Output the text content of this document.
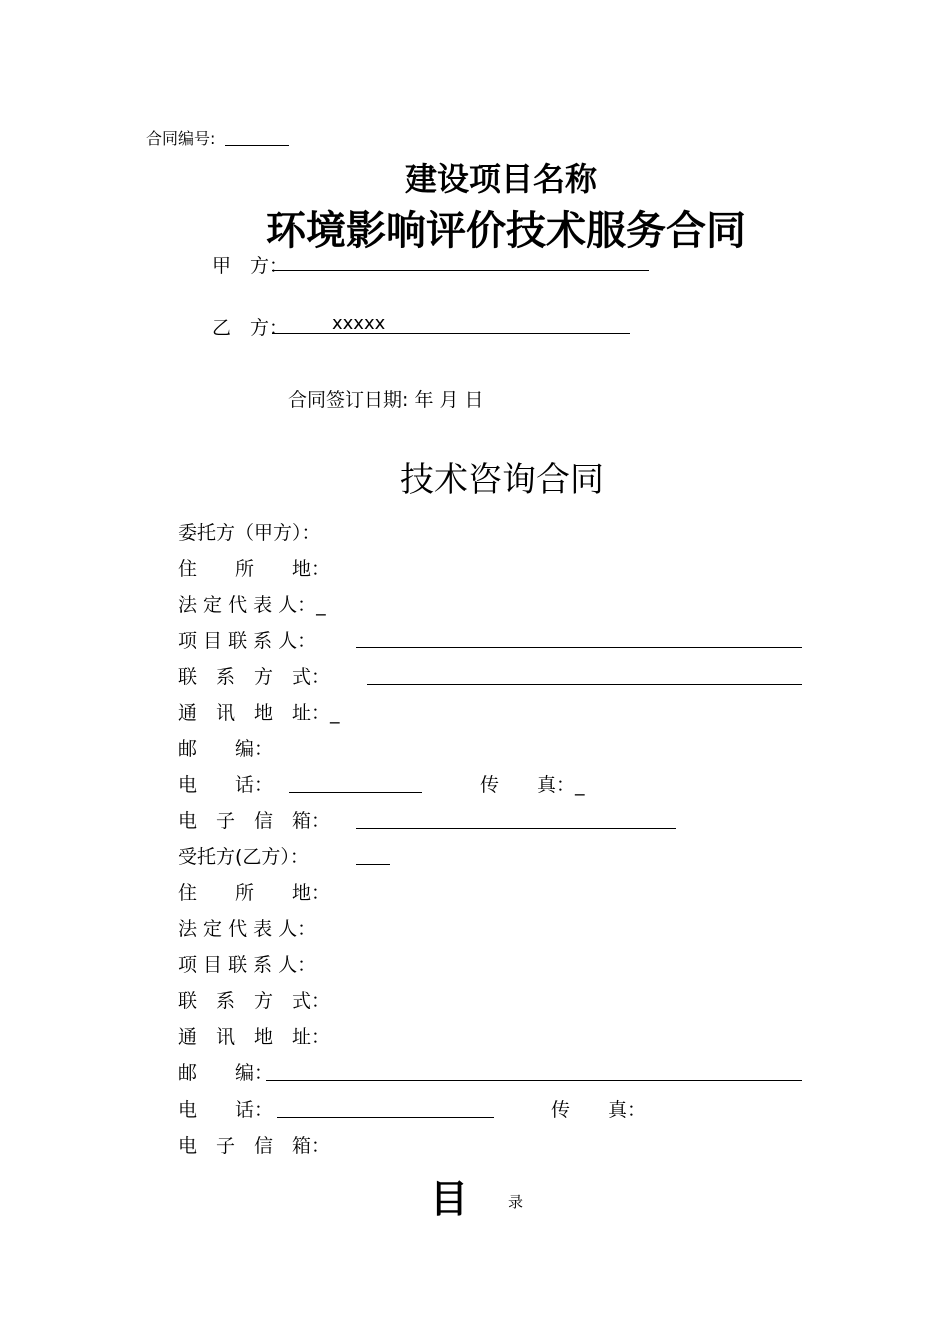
合同编号:
建设项目名称
环境影响评价技术服务合同
甲　方：
乙　方： xxxxx
合同签订日期: 年 月 日
技术咨询合同
委托方（甲方）：
住　　所　　地：
法 定 代 表 人：_
项 目 联 系 人：
联　系　方　式：
通　讯　地　址：_
邮　　编：
电　　话：	传　　真：_
电　子　信　箱：
受托方(乙方）：
住　　所　　地：
法 定 代 表 人：
项 目 联 系 人：
联　系　方　式：
通　讯　地　址：
邮　　编：
电　　话：	传　　真：
电　子　信　箱：
目	录
